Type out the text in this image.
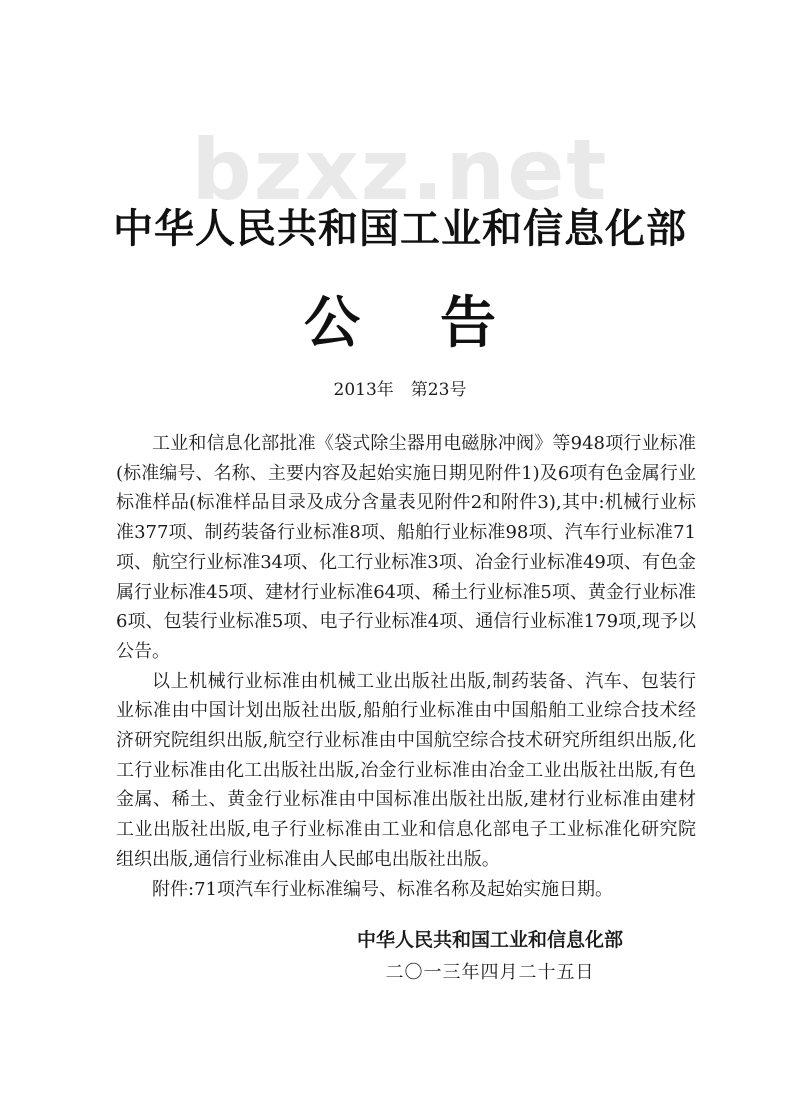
bzxz.net
中华人民共和国工业和信息化部
公告
2013年　第23号

工业和信息化部批准《袋式除尘器用电磁脉冲阀》等948项行业标准(标准编号、名称、主要内容及起始实施日期见附件1)及6项有色金属行业标准样品(标准样品目录及成分含量表见附件2和附件3),其中:机械行业标准377项、制药装备行业标准8项、船舶行业标准98项、汽车行业标准71项、航空行业标准34项、化工行业标准3项、冶金行业标准49项、有色金属行业标准45项、建材行业标准64项、稀土行业标准5项、黄金行业标准6项、包装行业标准5项、电子行业标准4项、通信行业标准179项,现予以公告。

以上机械行业标准由机械工业出版社出版,制药装备、汽车、包装行业标准由中国计划出版社出版,船舶行业标准由中国船舶工业综合技术经济研究院组织出版,航空行业标准由中国航空综合技术研究所组织出版,化工行业标准由化工出版社出版,冶金行业标准由冶金工业出版社出版,有色金属、稀土、黄金行业标准由中国标准出版社出版,建材行业标准由建材工业出版社出版,电子行业标准由工业和信息化部电子工业标准化研究院组织出版,通信行业标准由人民邮电出版社出版。

附件:71项汽车行业标准编号、标准名称及起始实施日期。

中华人民共和国工业和信息化部
二〇一三年四月二十五日
